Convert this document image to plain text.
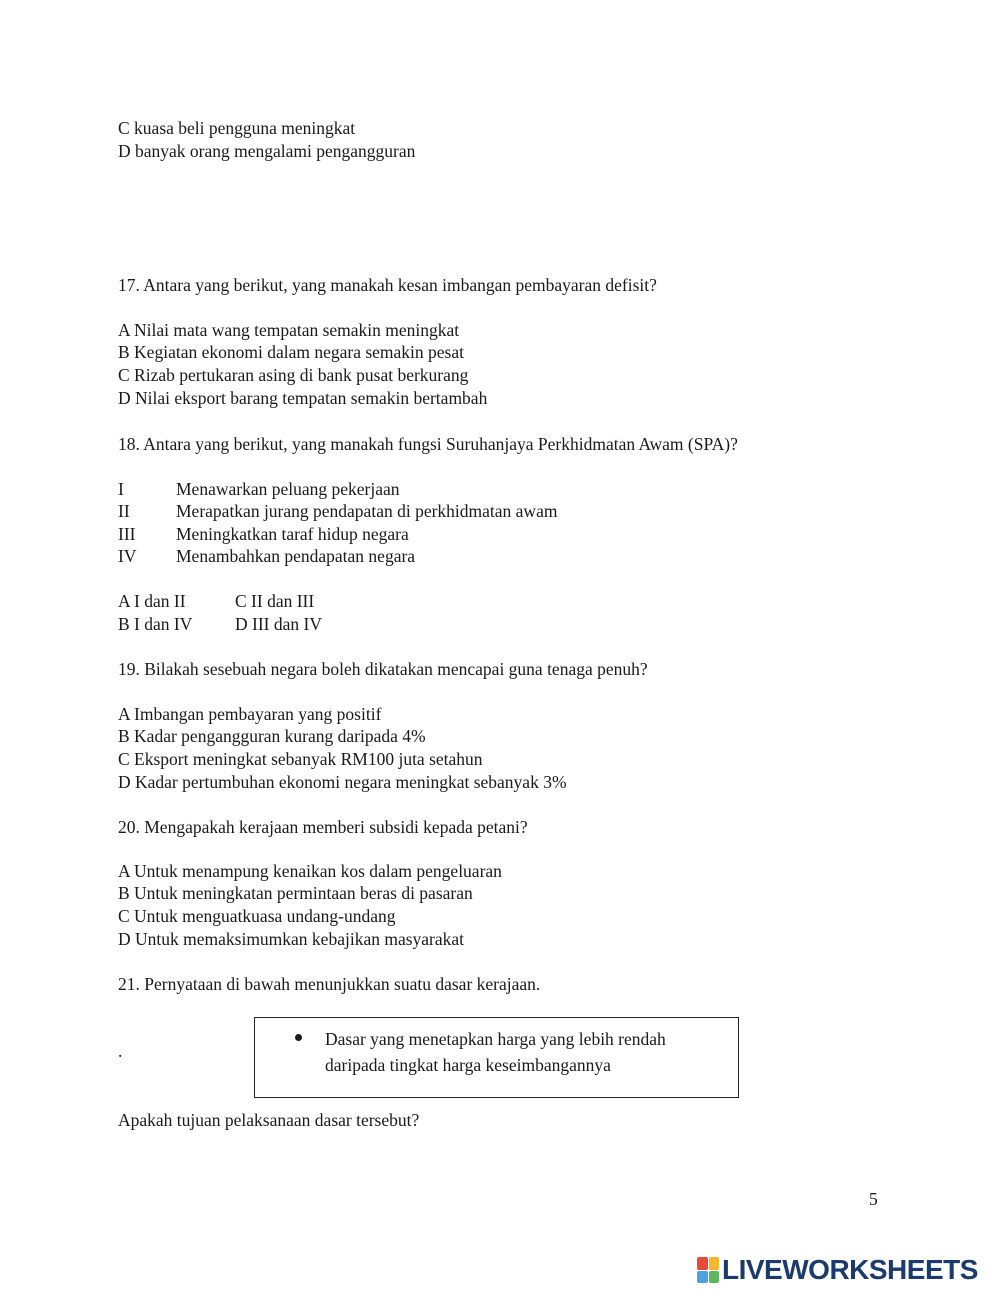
C kuasa beli pengguna meningkat
D banyak orang mengalami pengangguran
17. Antara yang berikut, yang manakah kesan imbangan pembayaran defisit?
A Nilai mata wang tempatan semakin meningkat
B Kegiatan ekonomi dalam negara semakin pesat
C Rizab pertukaran asing di bank pusat berkurang
D Nilai eksport barang tempatan semakin bertambah
18. Antara yang berikut, yang manakah fungsi Suruhanjaya Perkhidmatan Awam (SPA)?
I	Menawarkan peluang pekerjaan
II	Merapatkan jurang pendapatan di perkhidmatan awam
III Meningkatkan taraf hidup negara
IV Menambahkan pendapatan negara
A I dan II	C II dan III
B I dan IV D III dan IV
19. Bilakah sesebuah negara boleh dikatakan mencapai guna tenaga penuh?
A Imbangan pembayaran yang positif
B Kadar pengangguran kurang daripada 4%
C Eksport meningkat sebanyak RM100 juta setahun
D Kadar pertumbuhan ekonomi negara meningkat sebanyak 3%
20. Mengapakah kerajaan memberi subsidi kepada petani?
A Untuk menampung kenaikan kos dalam pengeluaran
B Untuk meningkatan permintaan beras di pasaran
C Untuk menguatkuasa undang-undang
D Untuk memaksimumkan kebajikan masyarakat
21. Pernyataan di bawah menunjukkan suatu dasar kerajaan.
.
Dasar yang menetapkan harga yang lebih rendah daripada tingkat harga keseimbangannya
Apakah tujuan pelaksanaan dasar tersebut?
5
LIVEWORKSHEETS
